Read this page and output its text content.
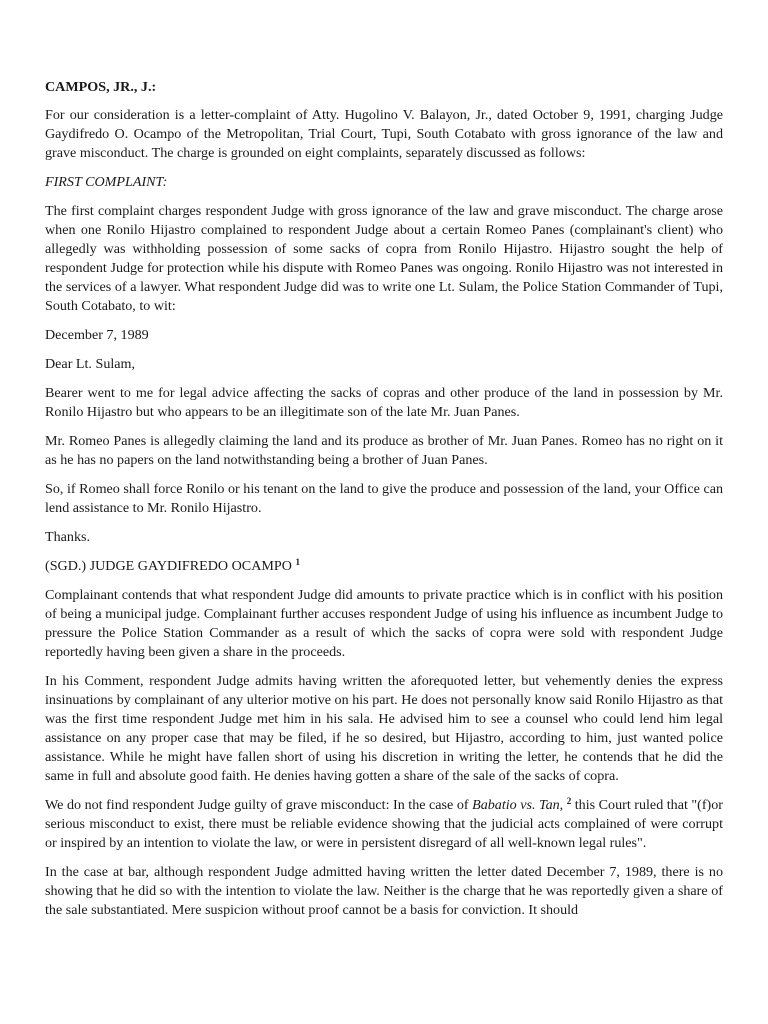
CAMPOS, JR., J.:

For our consideration is a letter-complaint of Atty. Hugolino V. Balayon, Jr., dated October 9, 1991, charging Judge Gaydifredo O. Ocampo of the Metropolitan, Trial Court, Tupi, South Cotabato with gross ignorance of the law and grave misconduct. The charge is grounded on eight complaints, separately discussed as follows:

FIRST COMPLAINT:

The first complaint charges respondent Judge with gross ignorance of the law and grave misconduct. The charge arose when one Ronilo Hijastro complained to respondent Judge about a certain Romeo Panes (complainant's client) who allegedly was withholding possession of some sacks of copra from Ronilo Hijastro. Hijastro sought the help of respondent Judge for protection while his dispute with Romeo Panes was ongoing. Ronilo Hijastro was not interested in the services of a lawyer. What respondent Judge did was to write one Lt. Sulam, the Police Station Commander of Tupi, South Cotabato, to wit:

December 7, 1989

Dear Lt. Sulam,

Bearer went to me for legal advice affecting the sacks of copras and other produce of the land in possession by Mr. Ronilo Hijastro but who appears to be an illegitimate son of the late Mr. Juan Panes.

Mr. Romeo Panes is allegedly claiming the land and its produce as brother of Mr. Juan Panes. Romeo has no right on it as he has no papers on the land notwithstanding being a brother of Juan Panes.

So, if Romeo shall force Ronilo or his tenant on the land to give the produce and possession of the land, your Office can lend assistance to Mr. Ronilo Hijastro.

Thanks.

(SGD.) JUDGE GAYDIFREDO OCAMPO $^1$

Complainant contends that what respondent Judge did amounts to private practice which is in conflict with his position of being a municipal judge. Complainant further accuses respondent Judge of using his influence as incumbent Judge to pressure the Police Station Commander as a result of which the sacks of copra were sold with respondent Judge reportedly having been given a share in the proceeds.

In his Comment, respondent Judge admits having written the aforequoted letter, but vehemently denies the express insinuations by complainant of any ulterior motive on his part. He does not personally know said Ronilo Hijastro as that was the first time respondent Judge met him in his sala. He advised him to see a counsel who could lend him legal assistance on any proper case that may be filed, if he so desired, but Hijastro, according to him, just wanted police assistance. While he might have fallen short of using his discretion in writing the letter, he contends that he did the same in full and absolute good faith. He denies having gotten a share of the sale of the sacks of copra.

We do not find respondent Judge guilty of grave misconduct: In the case of Babatio vs. Tan, $^2$ this Court ruled that "(f)or serious misconduct to exist, there must be reliable evidence showing that the judicial acts complained of were corrupt or inspired by an intention to violate the law, or were in persistent disregard of all well-known legal rules".

In the case at bar, although respondent Judge admitted having written the letter dated December 7, 1989, there is no showing that he did so with the intention to violate the law. Neither is the charge that he was reportedly given a share of the sale substantiated. Mere suspicion without proof cannot be a basis for conviction. It should
